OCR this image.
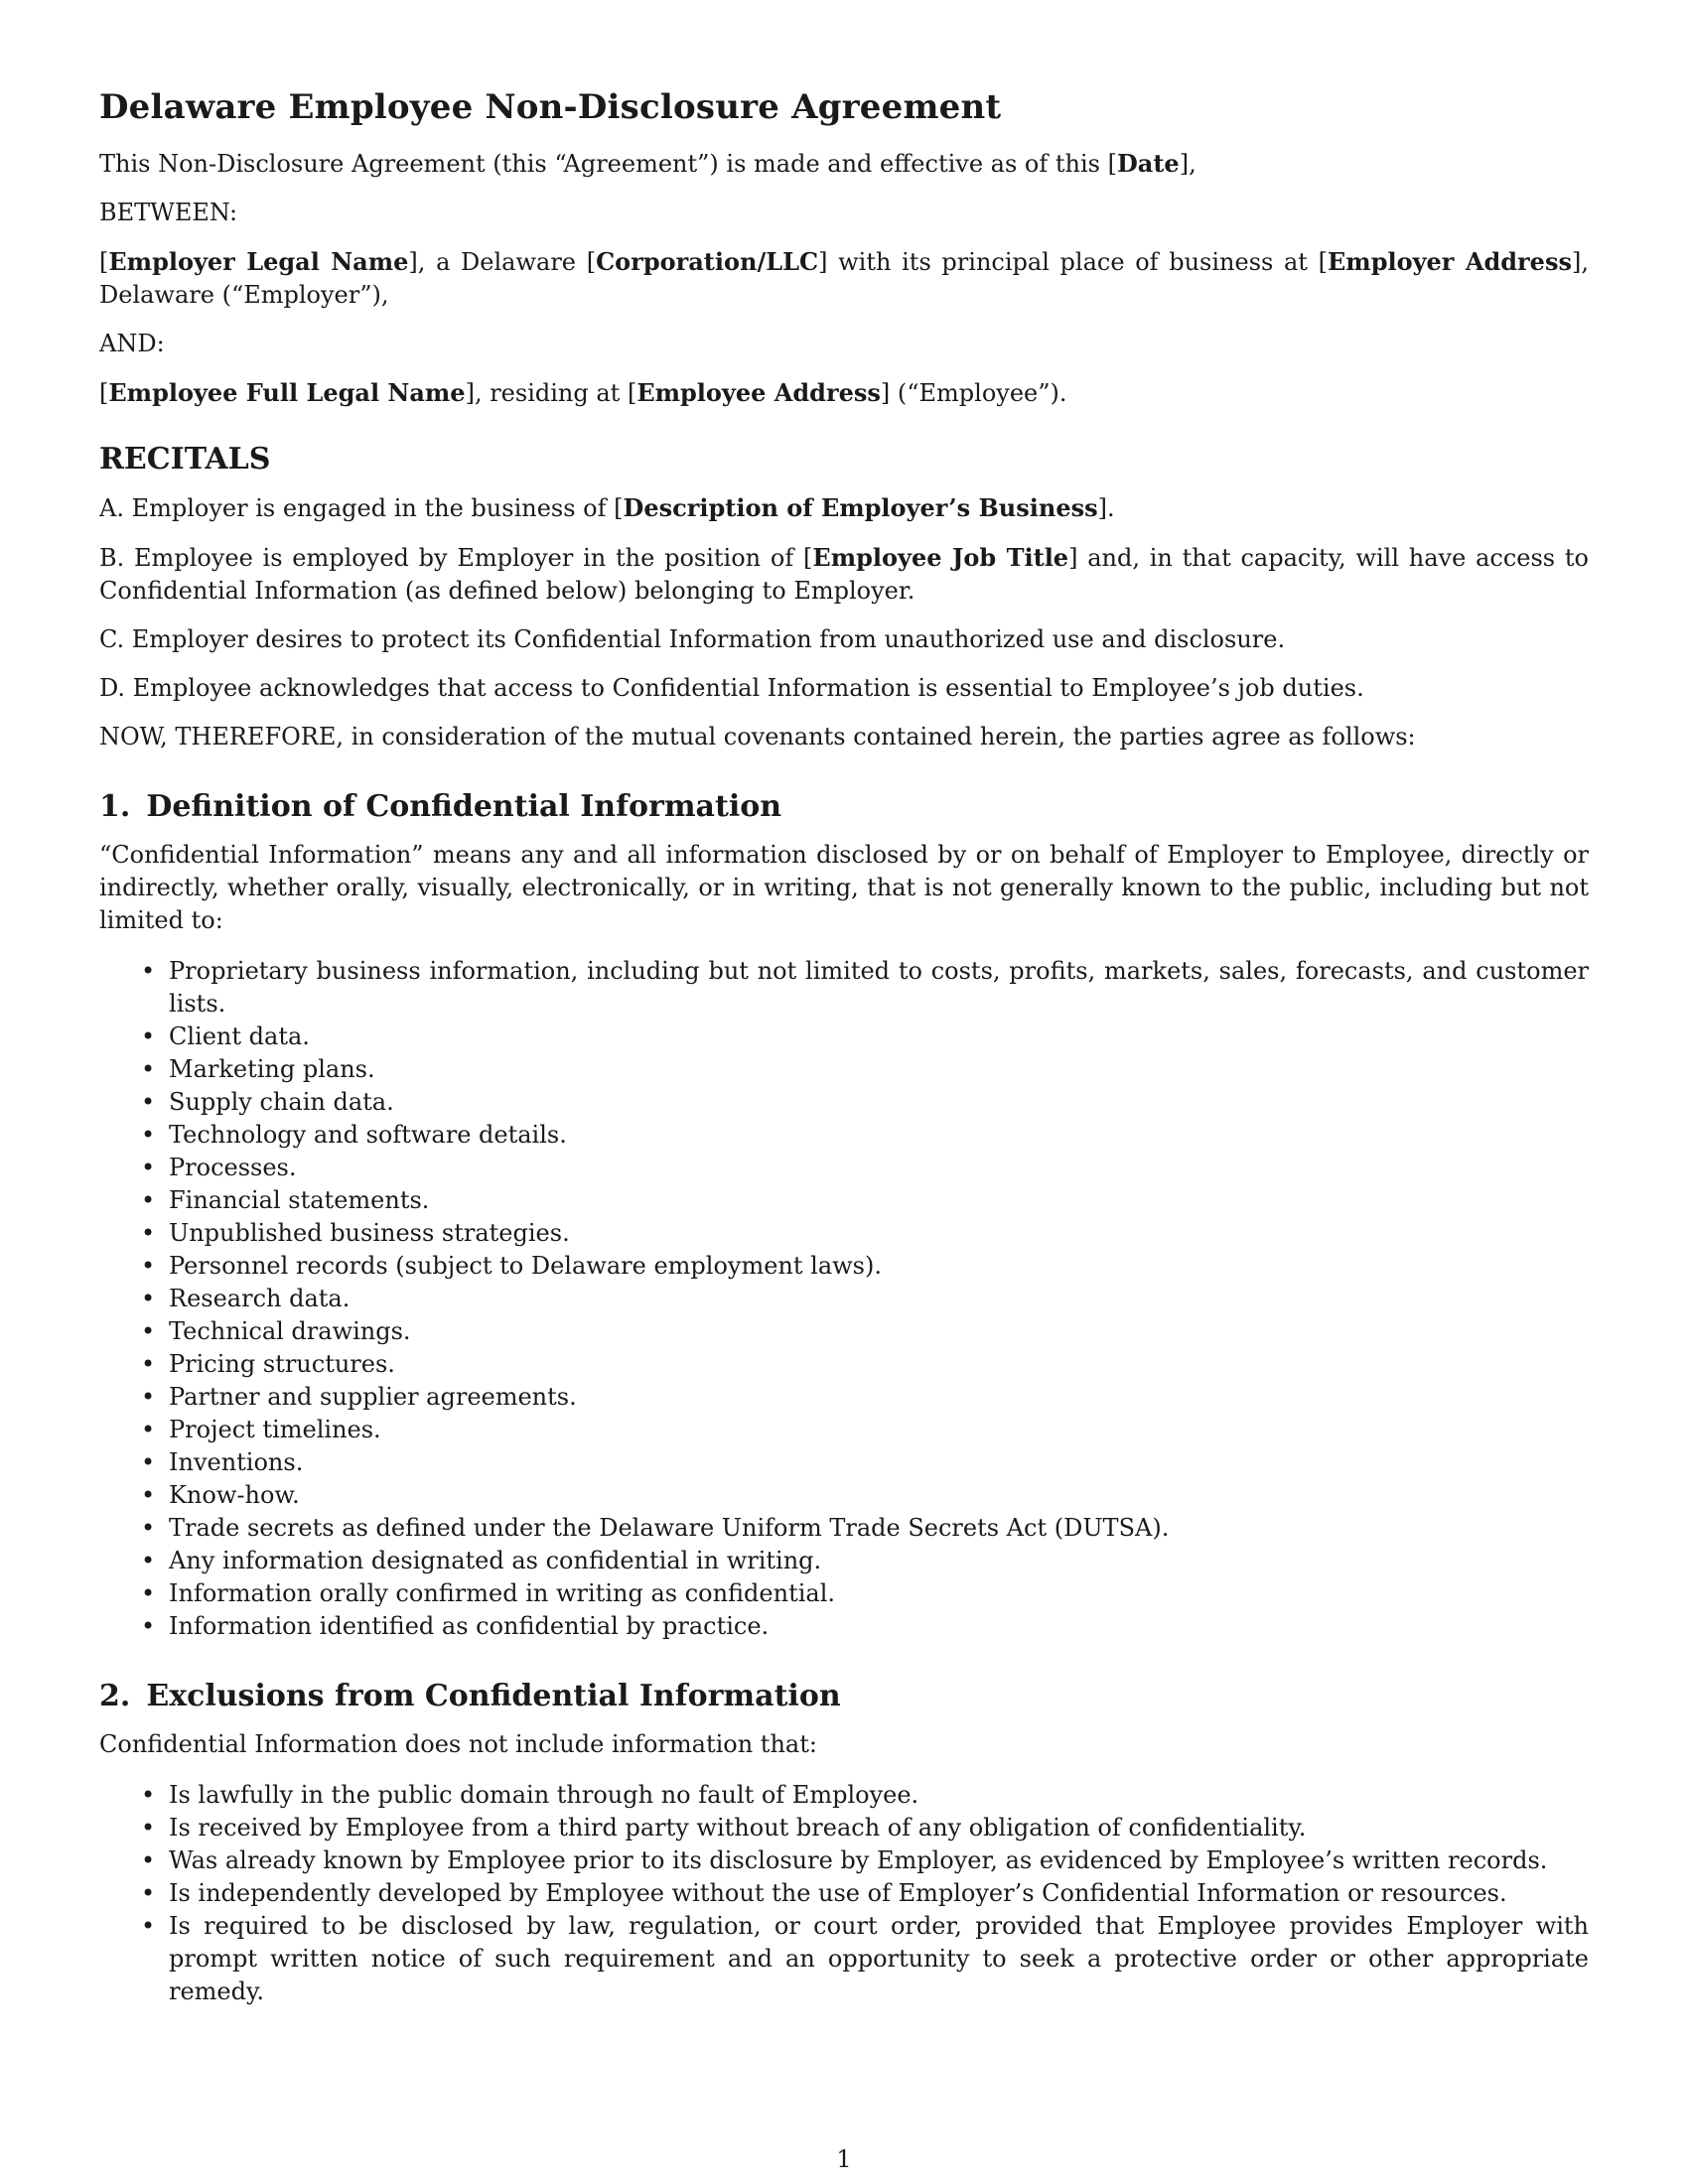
Delaware Employee Non-Disclosure Agreement

This Non-Disclosure Agreement (this “Agreement”) is made and effective as of this [Date],

BETWEEN:

[Employer Legal Name], a Delaware [Corporation/LLC] with its principal place of business at [Employer Address], Delaware (“Employer”),

AND:

[Employee Full Legal Name], residing at [Employee Address] (“Employee”).

RECITALS

A. Employer is engaged in the business of [Description of Employer’s Business].

B. Employee is employed by Employer in the position of [Employee Job Title] and, in that capacity, will have access to Confidential Information (as defined below) belonging to Employer.

C. Employer desires to protect its Confidential Information from unauthorized use and disclosure.

D. Employee acknowledges that access to Confidential Information is essential to Employee’s job duties.

NOW, THEREFORE, in consideration of the mutual covenants contained herein, the parties agree as follows:

1. Definition of Confidential Information

“Confidential Information” means any and all information disclosed by or on behalf of Employer to Employee, directly or indirectly, whether orally, visually, electronically, or in writing, that is not generally known to the public, including but not limited to:

• Proprietary business information, including but not limited to costs, profits, markets, sales, forecasts, and customer lists.
• Client data.
• Marketing plans.
• Supply chain data.
• Technology and software details.
• Processes.
• Financial statements.
• Unpublished business strategies.
• Personnel records (subject to Delaware employment laws).
• Research data.
• Technical drawings.
• Pricing structures.
• Partner and supplier agreements.
• Project timelines.
• Inventions.
• Know-how.
• Trade secrets as defined under the Delaware Uniform Trade Secrets Act (DUTSA).
• Any information designated as confidential in writing.
• Information orally confirmed in writing as confidential.
• Information identified as confidential by practice.
2. Exclusions from Confidential Information

Confidential Information does not include information that:

• Is lawfully in the public domain through no fault of Employee.
• Is received by Employee from a third party without breach of any obligation of confidentiality.
• Was already known by Employee prior to its disclosure by Employer, as evidenced by Employee’s written records.
• Is independently developed by Employee without the use of Employer’s Confidential Information or resources.
• Is required to be disclosed by law, regulation, or court order, provided that Employee provides Employer with prompt written notice of such requirement and an opportunity to seek a protective order or other appropriate remedy.
1
